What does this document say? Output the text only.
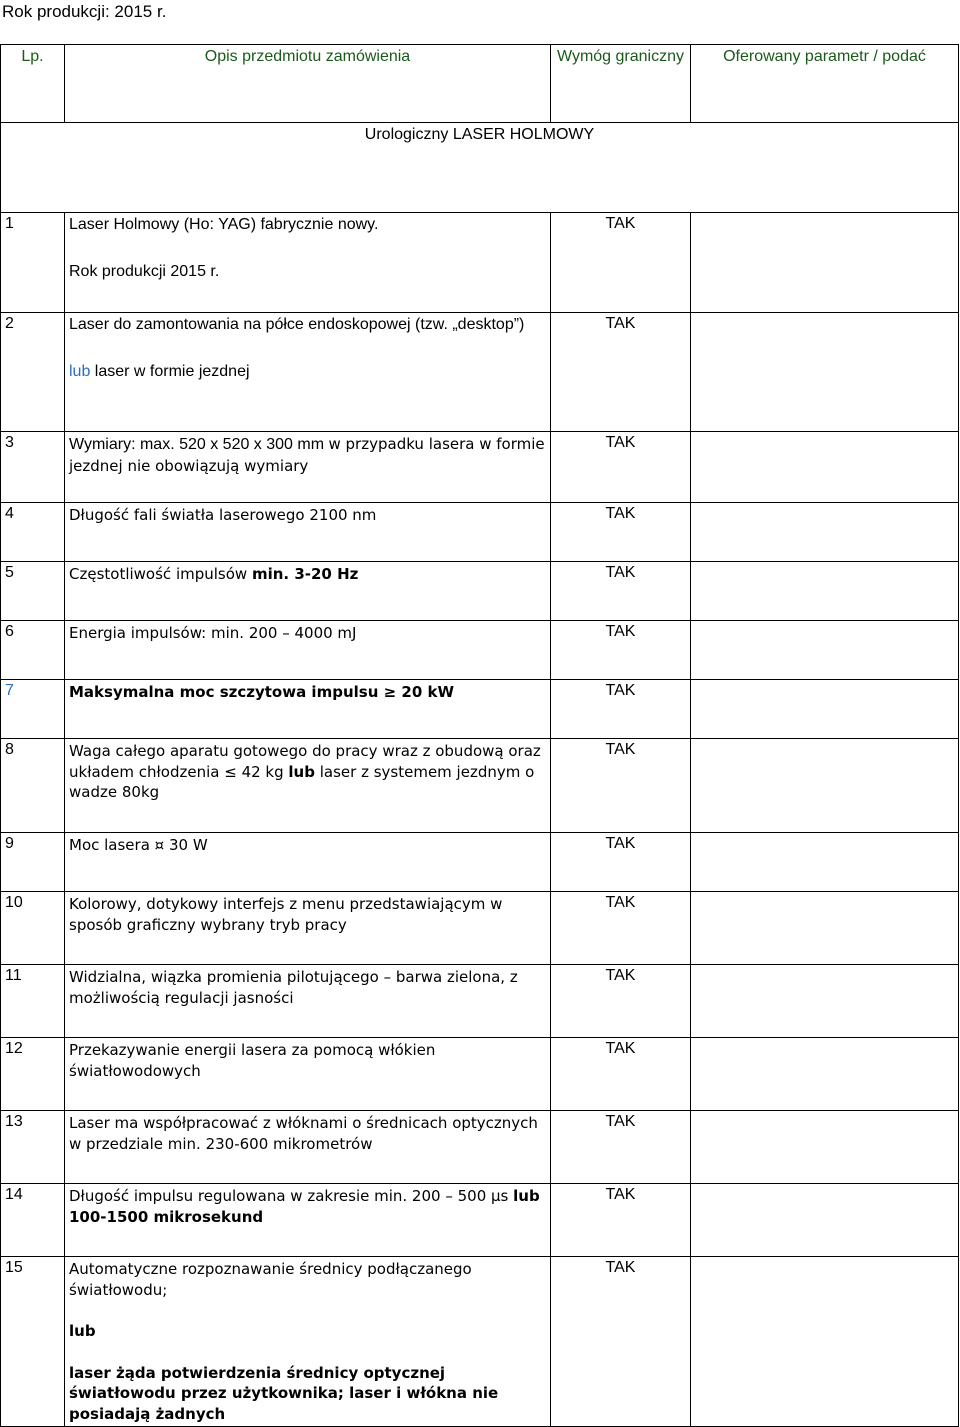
Rok produkcji: 2015 r.
Lp.	Opis przedmiotu zamówienia	Wymóg graniczny	Oferowany parametr / podać
Urologiczny LASER HOLMOWY			
1	Laser Holmowy (Ho: YAG) fabrycznie nowy.
Rok produkcji 2015 r.	TAK	
2	Laser do zamontowania na półce endoskopowej (tzw. „desktop”)
lub laser w formie jezdnej	TAK	
3	Wymiary: max. 520 x 520 x 300 mm w przypadku lasera w formie jezdnej nie obowiązują wymiary	TAK	
4	Długość fali światła laserowego 2100 nm	TAK	
5	Częstotliwość impulsów min. 3-20 Hz	TAK	
6	Energia impulsów: min. 200 – 4000 mJ	TAK	
7	Maksymalna moc szczytowa impulsu ≥ 20 kW	TAK	
8	Waga całego aparatu gotowego do pracy wraz z obudową oraz układem chłodzenia ≤ 42 kg lub laser z systemem jezdnym o wadze 80kg	TAK	
9	Moc lasera ¤ 30 W	TAK	
10	Kolorowy, dotykowy interfejs z menu przedstawiającym w sposób graficzny wybrany tryb pracy	TAK	
11	Widzialna, wiązka promienia pilotującego – barwa zielona, z możliwością regulacji jasności	TAK	
12	Przekazywanie energii lasera za pomocą włókien światłowodowych	TAK	
13	Laser ma współpracować z włóknami o średnicach optycznych w przedziale min. 230-600 mikrometrów	TAK	
14	Długość impulsu regulowana w zakresie min. 200 – 500 μs lub 100-1500 mikrosekund	TAK	
15	Automatyczne rozpoznawanie średnicy podłączanego światłowodu;
lub
laser żąda potwierdzenia średnicy optycznej światłowodu przez użytkownika; laser i włókna nie posiadają żadnych	TAK	
